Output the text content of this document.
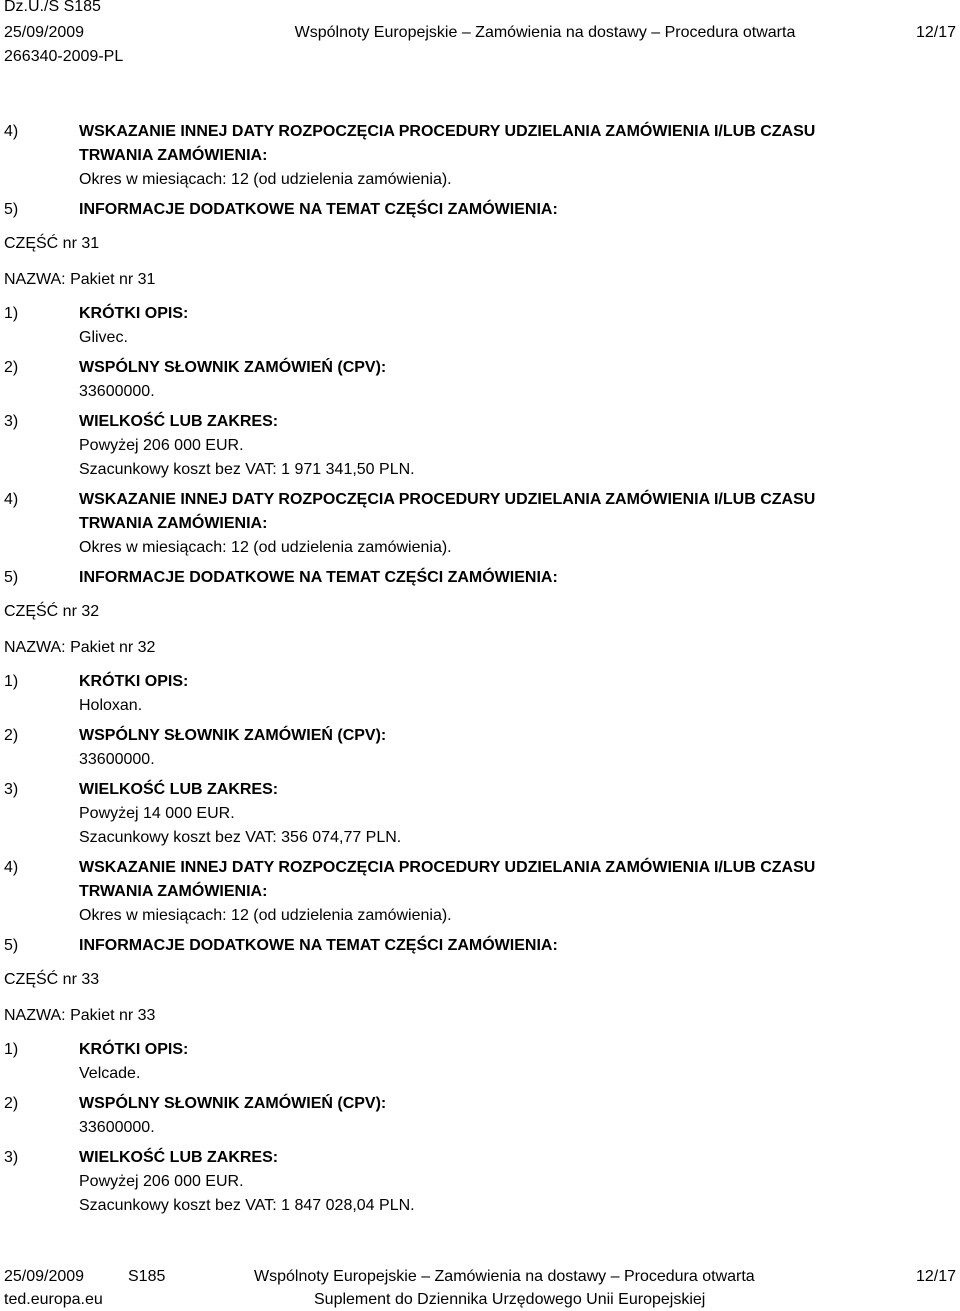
Dz.U./S S185
25/09/2009	Wspólnoty Europejskie – Zamówienia na dostawy – Procedura otwarta	12/17
266340-2009-PL
4)	WSKAZANIE INNEJ DATY ROZPOCZĘCIA PROCEDURY UDZIELANIA ZAMÓWIENIA I/LUB CZASU
TRWANIA ZAMÓWIENIA:
Okres w miesiącach: 12 (od udzielenia zamówienia).
5)	INFORMACJE DODATKOWE NA TEMAT CZĘŚCI ZAMÓWIENIA:
CZĘŚĆ nr 31
NAZWA: Pakiet nr 31
1)	KRÓTKI OPIS:
Glivec.
2)	WSPÓLNY SŁOWNIK ZAMÓWIEŃ (CPV):
33600000.
3)	WIELKOŚĆ LUB ZAKRES:
Powyżej 206 000 EUR.
Szacunkowy koszt bez VAT: 1 971 341,50 PLN.
4)	WSKAZANIE INNEJ DATY ROZPOCZĘCIA PROCEDURY UDZIELANIA ZAMÓWIENIA I/LUB CZASU
TRWANIA ZAMÓWIENIA:
Okres w miesiącach: 12 (od udzielenia zamówienia).
5)	INFORMACJE DODATKOWE NA TEMAT CZĘŚCI ZAMÓWIENIA:
CZĘŚĆ nr 32
NAZWA: Pakiet nr 32
1)	KRÓTKI OPIS:
Holoxan.
2)	WSPÓLNY SŁOWNIK ZAMÓWIEŃ (CPV):
33600000.
3)	WIELKOŚĆ LUB ZAKRES:
Powyżej 14 000 EUR.
Szacunkowy koszt bez VAT: 356 074,77 PLN.
4)	WSKAZANIE INNEJ DATY ROZPOCZĘCIA PROCEDURY UDZIELANIA ZAMÓWIENIA I/LUB CZASU
TRWANIA ZAMÓWIENIA:
Okres w miesiącach: 12 (od udzielenia zamówienia).
5)	INFORMACJE DODATKOWE NA TEMAT CZĘŚCI ZAMÓWIENIA:
CZĘŚĆ nr 33
NAZWA: Pakiet nr 33
1)	KRÓTKI OPIS:
Velcade.
2)	WSPÓLNY SŁOWNIK ZAMÓWIEŃ (CPV):
33600000.
3)	WIELKOŚĆ LUB ZAKRES:
Powyżej 206 000 EUR.
Szacunkowy koszt bez VAT: 1 847 028,04 PLN.
25/09/2009	S185	Wspólnoty Europejskie – Zamówienia na dostawy – Procedura otwarta	12/17
ted.europa.eu	Suplement do Dziennika Urzędowego Unii Europejskiej
